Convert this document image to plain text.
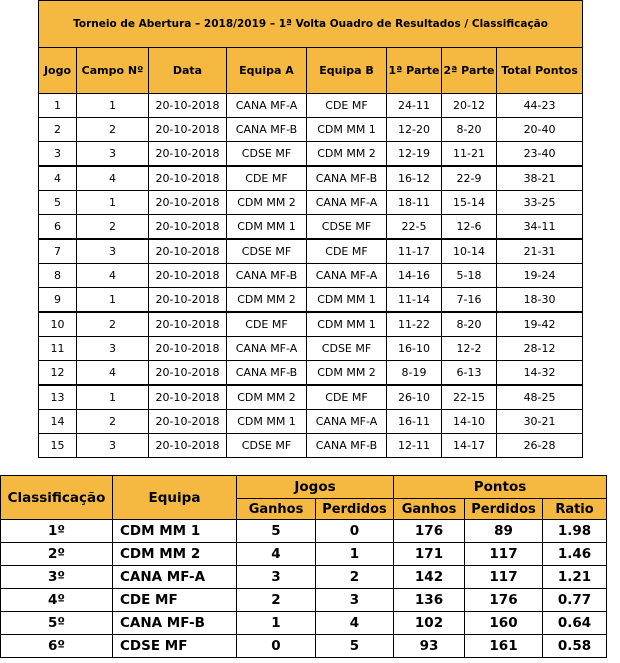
Torneio de Abertura – 2018/2019 – 1ª Volta Ouadro de Resultados / Classificação							
Jogo	Campo Nº	Data	Equipa A	Equipa B	1ª Parte	2ª Parte	Total Pontos
1	1	20-10-2018	CANA MF-A	CDE MF	24-11	20-12	44-23
2	2	20-10-2018	CANA MF-B	CDM MM 1	12-20	8-20	20-40
3	3	20-10-2018	CDSE MF	CDM MM 2	12-19	11-21	23-40
4	4	20-10-2018	CDE MF	CANA MF-B	16-12	22-9	38-21
5	1	20-10-2018	CDM MM 2	CANA MF-A	18-11	15-14	33-25
6	2	20-10-2018	CDM MM 1	CDSE MF	22-5	12-6	34-11
7	3	20-10-2018	CDSE MF	CDE MF	11-17	10-14	21-31
8	4	20-10-2018	CANA MF-B	CANA MF-A	14-16	5-18	19-24
9	1	20-10-2018	CDM MM 2	CDM MM 1	11-14	7-16	18-30
10	2	20-10-2018	CDE MF	CDM MM 1	11-22	8-20	19-42
11	3	20-10-2018	CANA MF-A	CDSE MF	16-10	12-2	28-12
12	4	20-10-2018	CANA MF-B	CDM MM 2	8-19	6-13	14-32
13	1	20-10-2018	CDM MM 2	CDE MF	26-10	22-15	48-25
14	2	20-10-2018	CDM MM 1	CANA MF-A	16-11	14-10	30-21
15	3	20-10-2018	CDSE MF	CANA MF-B	12-11	14-17	26-28
Classificação	Equipa	Jogos		Pontos		
		Ganhos	Perdidos	Ganhos	Perdidos	Ratio
1º	CDM MM 1	5	0	176	89	1.98
2º	CDM MM 2	4	1	171	117	1.46
3º	CANA MF-A	3	2	142	117	1.21
4º	CDE MF	2	3	136	176	0.77
5º	CANA MF-B	1	4	102	160	0.64
6º	CDSE MF	0	5	93	161	0.58
